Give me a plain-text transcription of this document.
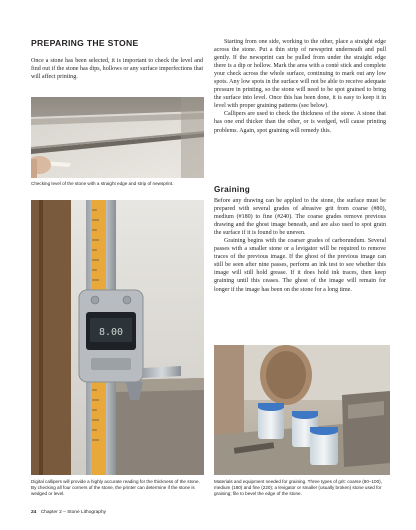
PREPARING THE STONE

Once a stone has been selected, it is important to check the level and find out if the stone has dips, hollows or any surface imperfections that will affect printing.

Checking level of the stone with a straight edge and strip of newsprint.

Starting from one side, working to the other, place a straight edge across the stone. Put a thin strip of newsprint underneath and pull gently. If the newsprint can be pulled from under the straight edge there is a dip or hollow. Mark the area with a conté stick and complete your check across the whole surface, continuing to mark out any low spots. Any low spots in the surface will not be able to receive adequate pressure in printing, so the stone will need to be spot grained to bring the surface into level. Once this has been done, it is easy to keep it in level with proper graining patterns (see below).

Callipers are used to check the thickness of the stone. A stone that has one end thicker than the other, or is wedged, will cause printing problems. Again, spot graining will remedy this.

Graining

Before any drawing can be applied to the stone, the surface must be prepared with several grades of abrasive grit from coarse (#80), medium (#180) to fine (#240). The coarse grades remove previous drawing and the ghost image beneath, and are also used to spot grain the surface if it is found to be uneven.

Graining begins with the coarser grades of carborundum. Several passes with a smaller stone or a levigator will be required to remove traces of the previous image. If the ghost of the previous image can still be seen after nine passes, perform an ink test to see whether this image will still hold grease. If it does hold ink traces, then keep graining until this ceases. The ghost of the image will remain for longer if the image has been on the stone for a long time.

8.00
Digital callipers will provide a highly accurate reading for the thickness of the stone. By checking all four corners of the stone, the printer can determine if the stone is wedged or level.
Materials and equipment needed for graining. Three types of grit: coarse (80–100), medium (180) and fine (220); a levigator or smaller (usually broken) stone used for graining; file to bevel the edge of the stone.
24 Chapter 2 – Stone Lithography
